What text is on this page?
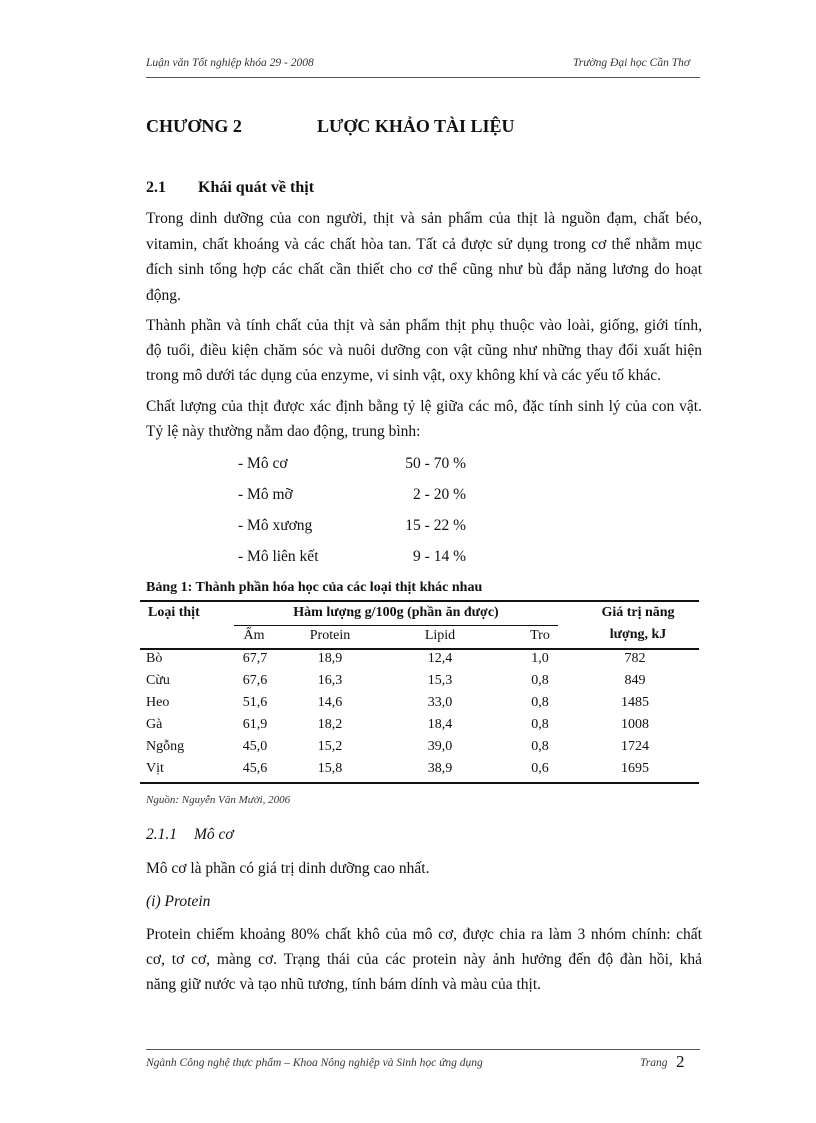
Luận văn Tốt nghiệp khóa 29 - 2008	Trường Đại học Cần Thơ
CHƯƠNG 2	LƯỢC KHẢO TÀI LIỆU
2.1 Khái quát về thịt
Trong dinh dưỡng của con người, thịt và sản phẩm của thịt là nguồn đạm, chất béo,
vitamin, chất khoáng và các chất hòa tan. Tất cả được sử dụng trong cơ thể nhằm mục
đích sinh tổng hợp các chất cần thiết cho cơ thể cũng như bù đắp năng lương do hoạt
động.
Thành phần và tính chất của thịt và sản phẩm thịt phụ thuộc vào loài, giống, giới tính,
độ tuổi, điều kiện chăm sóc và nuôi dưỡng con vật cũng như những thay đổi xuất hiện
trong mô dưới tác dụng của enzyme, vi sinh vật, oxy không khí và các yếu tố khác.
Chất lượng của thịt được xác định bằng tỷ lệ giữa các mô, đặc tính sinh lý của con vật.
Tỷ lệ này thường nằm dao động, trung bình:
- Mô cơ	50 - 70 %
- Mô mỡ	2 - 20 %
- Mô xương	15 - 22 %
- Mô liên kết	9 - 14 %
Bảng 1: Thành phần hóa học của các loại thịt khác nhau
Loại thịt	Hàm lượng g/100g (phần ăn được)	Giá trị năng
lượng, kJ
Ẩm	Protein	Lipid	Tro
Bò	67,7	18,9	12,4	1,0	782
Cừu	67,6	16,3	15,3	0,8	849
Heo	51,6	14,6	33,0	0,8	1485
Gà	61,9	18,2	18,4	0,8	1008
Ngỗng	45,0	15,2	39,0	0,8	1724
Vịt	45,6	15,8	38,9	0,6	1695
Nguồn: Nguyễn Văn Mười, 2006
2.1.1 Mô cơ
Mô cơ là phần có giá trị dinh dưỡng cao nhất.
(i) Protein
Protein chiếm khoảng 80% chất khô của mô cơ, được chia ra làm 3 nhóm chính: chất
cơ, tơ cơ, màng cơ. Trạng thái của các protein này ảnh hưởng đến độ đàn hồi, khả
năng giữ nước và tạo nhũ tương, tính bám dính và màu của thịt.
Ngành Công nghệ thực phẩm – Khoa Nông nghiệp và Sinh học ứng dụng	Trang 2
